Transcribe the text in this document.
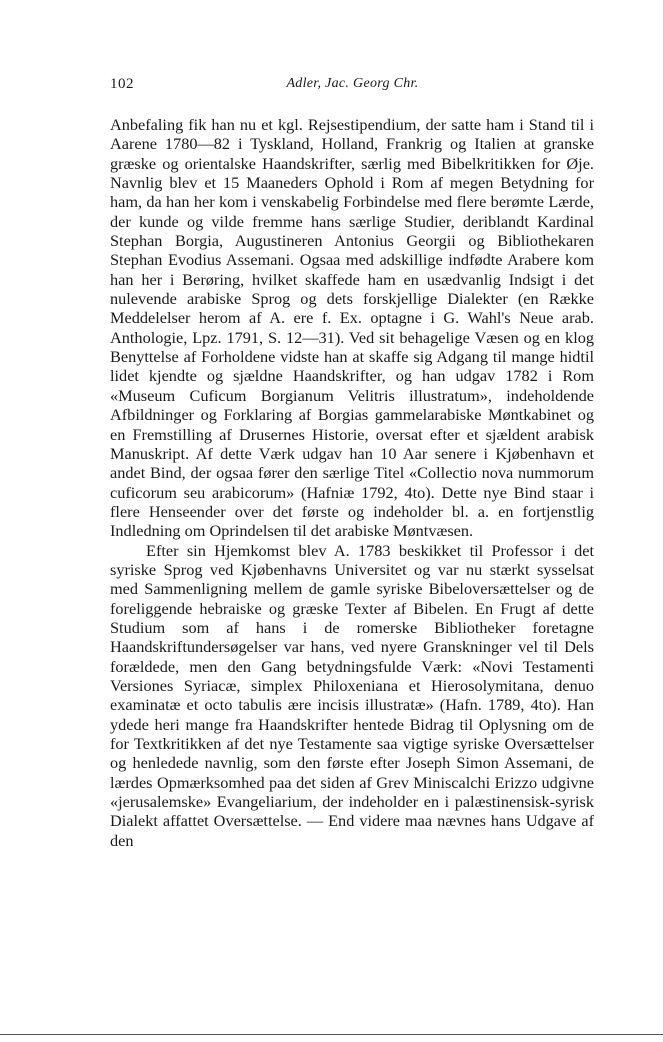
102	Adler, Jac. Georg Chr.

Anbefaling fik han nu et kgl. Rejsestipendium, der satte ham i Stand til i Aarene 1780—82 i Tyskland, Holland, Frankrig og Italien at granske græske og orientalske Haandskrifter, særlig med Bibelkritikken for Øje. Navnlig blev et 15 Maaneders Ophold i Rom af megen Betydning for ham, da han her kom i venskabelig Forbindelse med flere berømte Lærde, der kunde og vilde fremme hans særlige Studier, deriblandt Kardinal Stephan Borgia, Augustineren Antonius Georgii og Bibliothekaren Stephan Evodius Assemani. Ogsaa med adskillige indfødte Arabere kom han her i Berøring, hvilket skaffede ham en usædvanlig Indsigt i det nulevende arabiske Sprog og dets forskjellige Dialekter (en Række Meddelelser herom af A. ere f. Ex. optagne i G. Wahl's Neue arab. Anthologie, Lpz. 1791, S. 12—31). Ved sit behagelige Væsen og en klog Benyttelse af Forholdene vidste han at skaffe sig Adgang til mange hidtil lidet kjendte og sjældne Haandskrifter, og han udgav 1782 i Rom «Museum Cuficum Borgianum Velitris illustratum», indeholdende Afbildninger og Forklaring af Borgias gammelarabiske Møntkabinet og en Fremstilling af Drusernes Historie, oversat efter et sjældent arabisk Manuskript. Af dette Værk udgav han 10 Aar senere i Kjøbenhavn et andet Bind, der ogsaa fører den særlige Titel «Collectio nova nummorum cuficorum seu arabicorum» (Hafniæ 1792, 4to). Dette nye Bind staar i flere Henseender over det første og indeholder bl. a. en fortjenstlig Indledning om Oprindelsen til det arabiske Møntvæsen.

Efter sin Hjemkomst blev A. 1783 beskikket til Professor i det syriske Sprog ved Kjøbenhavns Universitet og var nu stærkt sysselsat med Sammenligning mellem de gamle syriske Bibeloversættelser og de foreliggende hebraiske og græske Texter af Bibelen. En Frugt af dette Studium som af hans i de romerske Bibliotheker foretagne Haandskriftundersøgelser var hans, ved nyere Granskninger vel til Dels forældede, men den Gang betydningsfulde Værk: «Novi Testamenti Versiones Syriacæ, simplex Philoxeniana et Hierosolymitana, denuo examinatæ et octo tabulis ære incisis illustratæ» (Hafn. 1789, 4to). Han ydede heri mange fra Haandskrifter hentede Bidrag til Oplysning om de for Textkritikken af det nye Testamente saa vigtige syriske Oversættelser og henledede navnlig, som den første efter Joseph Simon Assemani, de lærdes Opmærksomhed paa det siden af Grev Miniscalchi Erizzo udgivne «jerusalemske» Evangeliarium, der indeholder en i palæstinensisk-syrisk Dialekt affattet Oversættelse. — End videre maa nævnes hans Udgave af den
